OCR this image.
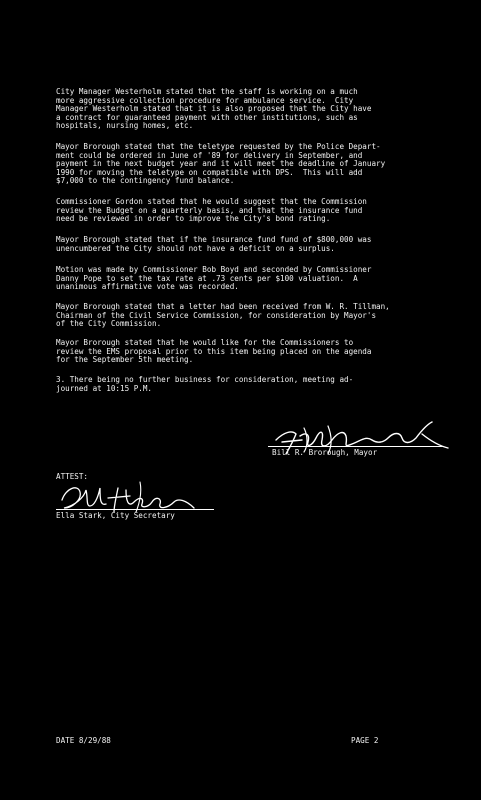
City Manager Westerholm stated that the staff is working on a much
more aggressive collection procedure for ambulance service.  City
Manager Westerholm stated that it is also proposed that the City have
a contract for guaranteed payment with other institutions, such as
hospitals, nursing homes, etc.
Mayor Brorough stated that the teletype requested by the Police Depart-
ment could be ordered in June of '89 for delivery in September, and
payment in the next budget year and it will meet the deadline of January
1990 for moving the teletype on compatible with DPS.  This will add
$7,000 to the contingency fund balance.
Commissioner Gordon stated that he would suggest that the Commission
review the Budget on a quarterly basis, and that the insurance fund
need be reviewed in order to improve the City's bond rating.
Mayor Brorough stated that if the insurance fund fund of $800,000 was
unencumbered the City should not have a deficit on a surplus.
Motion was made by Commissioner Bob Boyd and seconded by Commissioner
Danny Pope to set the tax rate at .73 cents per $100 valuation.  A
unanimous affirmative vote was recorded.
Mayor Brorough stated that a letter had been received from W. R. Tillman,
Chairman of the Civil Service Commission, for consideration by Mayor's
of the City Commission.
Mayor Brorough stated that he would like for the Commissioners to
review the EMS proposal prior to this item being placed on the agenda
for the September 5th meeting.
3. There being no further business for consideration, meeting ad-
journed at 10:15 P.M.
Bill R. Brorough, Mayor
ATTEST:
Ella Stark, City Secretary
DATE 8/29/88	PAGE 2
